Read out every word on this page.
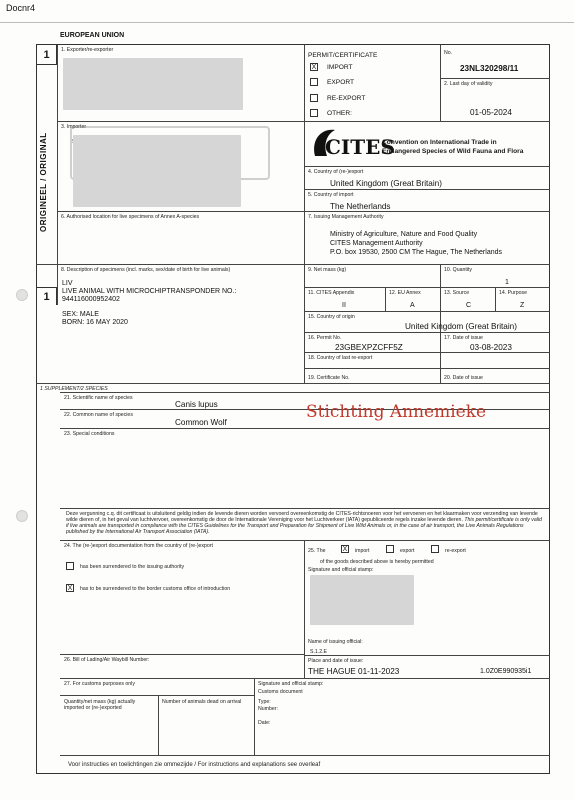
Docnr4
EUROPEAN UNION
1
1
ORIGINEEL / ORIGINAL
1. Exporter/re-exporter
3. Importer
6. Authorised location for live specimens of Annex A-species
PERMIT/CERTIFICATE
X IMPORT
EXPORT
RE-EXPORT
OTHER:
No.
23NL320298/11
2. Last day of validity
01-05-2024
CITES
Convention on International Trade in
Endangered Species of Wild Fauna and Flora
4. Country of (re-)export
United Kingdom (Great Britain)
5. Country of import
The Netherlands
7. Issuing Management Authority
Ministry of Agriculture, Nature and Food Quality
CITES Management Authority
P.O. box 19530, 2500 CM The Hague, The Netherlands
8. Description of specimens (incl. marks, sex/date of birth for live animals)
LIV
LIVE ANIMAL WITH MICROCHIPTRANSPONDER NO.:
944116000952402
SEX: MALE
BORN: 16 MAY 2020
9. Net mass (kg)	10. Quantity
1
11. CITES Appendix
II
12. EU Annex
A
13. Source
C
14. Purpose
Z
15. Country of origin
United Kingdom (Great Britain)
16. Permit No.
23GBEXPZCFF5Z
17. Date of issue
03-08-2023
18. Country of last re-export
19. Certificate No.	20. Date of issue
1 SUPPLEMENT/2 SPECIES
21. Scientific name of species
Canis lupus
22. Common name of species
Common Wolf
Stichting Annemieke
23. Special conditions
Deze vergunning c.q. dit certificaat is uitsluitend geldig indien de levende dieren worden vervoerd overeenkomstig de CITES-richtsnoeren voor het vervoeren en het klaarmaken voor verzending van levende wilde dieren of, in het geval van luchtvervoer, overeenkomstig de door de Internationale Vereniging voor het Luchtverkeer (IATA) gepubliceerde regels inzake levende dieren. This permit/certificate is only valid if live animals are transported in compliance with the CITES Guidelines for the Transport and Preparation for Shipment of Live Wild Animals or, in the case of air transport, the Live Animals Regulations published by the International Air Transport Association (IATA).
24. The (re-)export documentation from the country of (re-)export
has been surrendered to the issuing authority
X	has to be surrendered to the border customs office of introduction
25. The X	import	export	re-export
of the goods described above is hereby permitted
Signature and official stamp:
Name of issuing official:
S.1.2.E
Place and date of issue:
THE HAGUE 01-11-2023	1.0Z0E990935i1
26. Bill of Lading/Air Waybill Number:
27. For customs purposes only
Quantity/net mass (kg) actually imported or (re-)exported
Number of animals dead on arrival
Signature and official stamp:
Customs document
Type:
Number:
Date:
Voor instructies en toelichtingen zie ommezijde / For instructions and explanations see overleaf
